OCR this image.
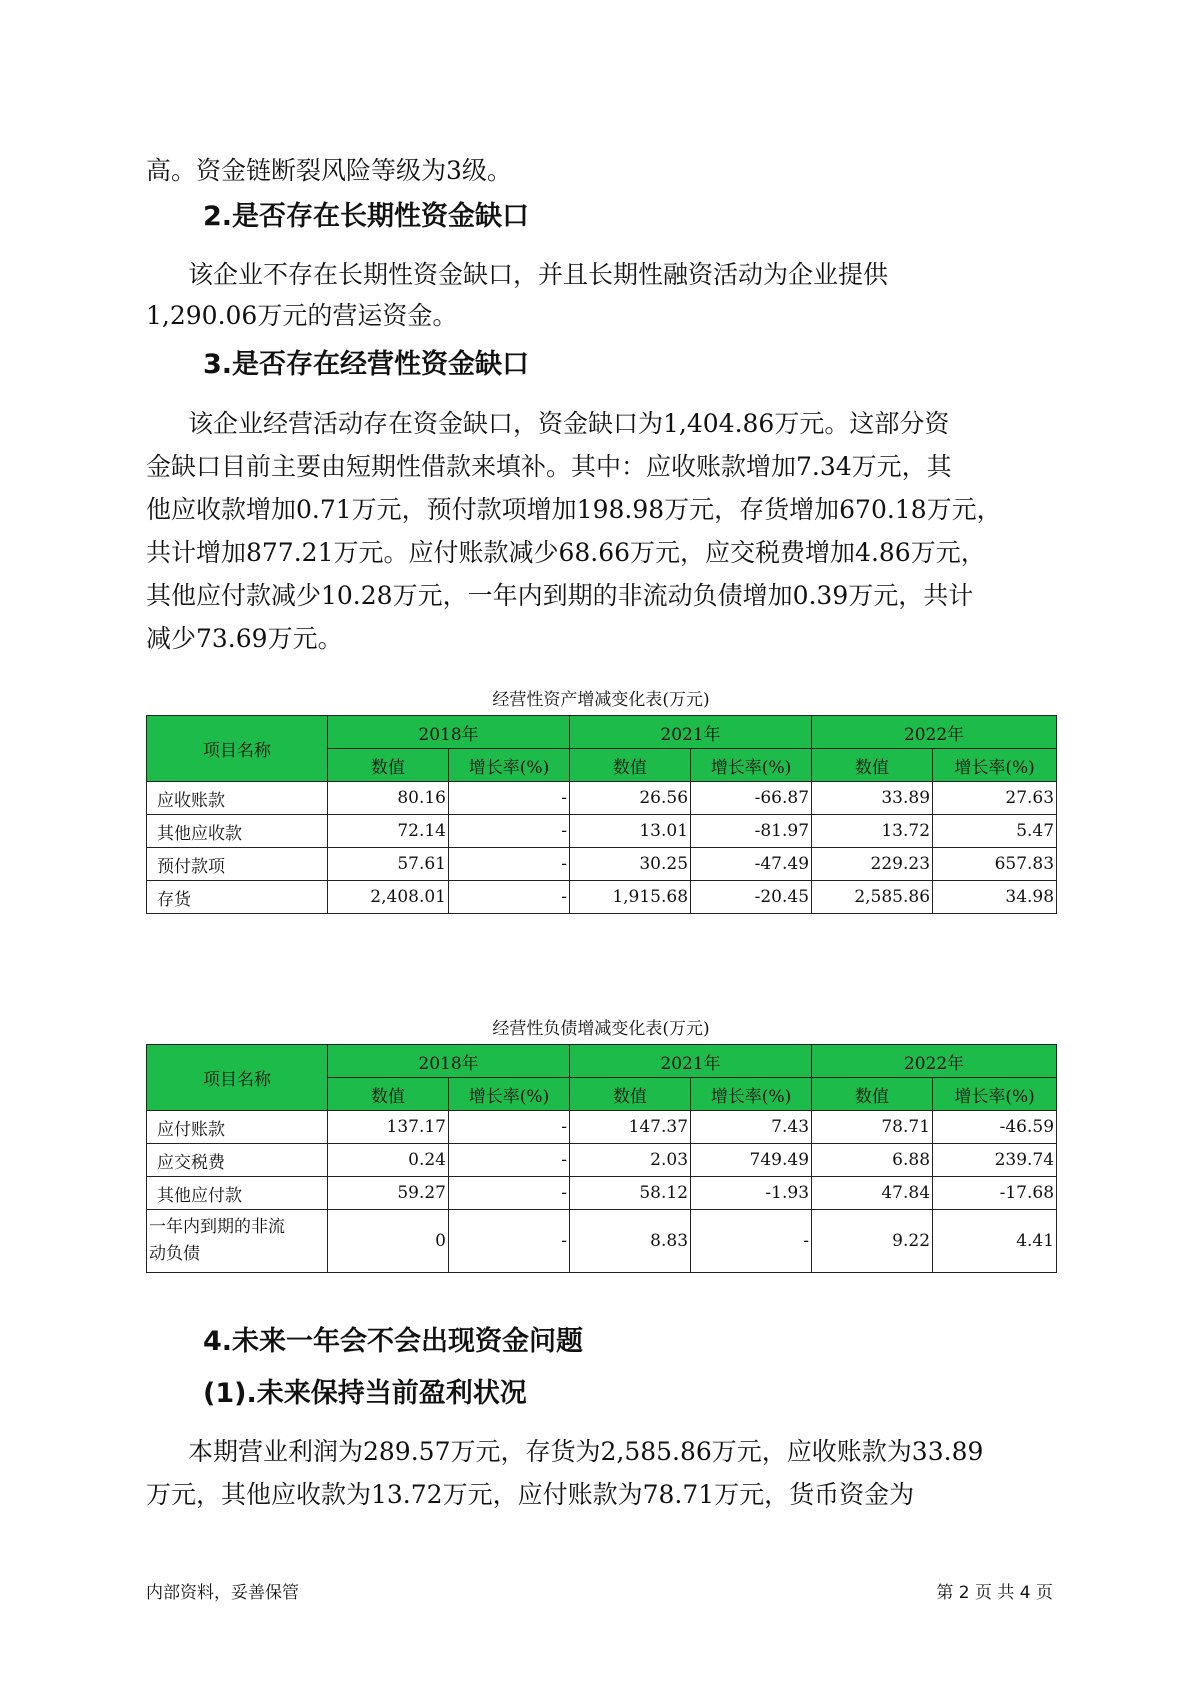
高。资金链断裂风险等级为3级。

2.是否存在长期性资金缺口

该企业不存在长期性资金缺口，并且长期性融资活动为企业提供

1,290.06万元的营运资金。

3.是否存在经营性资金缺口

该企业经营活动存在资金缺口，资金缺口为1,404.86万元。这部分资

金缺口目前主要由短期性借款来填补。其中：应收账款增加7.34万元，其

他应收款增加0.71万元，预付款项增加198.98万元，存货增加670.18万元，

共计增加877.21万元。应付账款减少68.66万元，应交税费增加4.86万元，

其他应付款减少10.28万元，一年内到期的非流动负债增加0.39万元，共计

减少73.69万元。

经营性资产增减变化表(万元)

项目名称	2018年		2021年		2022年	
	数值	增长率(%)	数值	增长率(%)	数值	增长率(%)
应收账款	80.16	-	26.56	-66.87	33.89	27.63
其他应收款	72.14	-	13.01	-81.97	13.72	5.47
预付款项	57.61	-	30.25	-47.49	229.23	657.83
存货	2,408.01	-	1,915.68	-20.45	2,585.86	34.98

经营性负债增减变化表(万元)

项目名称	2018年		2021年		2022年	
	数值	增长率(%)	数值	增长率(%)	数值	增长率(%)
应付账款	137.17	-	147.37	7.43	78.71	-46.59
应交税费	0.24	-	2.03	749.49	6.88	239.74
其他应付款	59.27	-	58.12	-1.93	47.84	-17.68
一年内到期的非流
动负债	0	-	8.83	-	9.22	4.41
4.未来一年会不会出现资金问题
(1).未来保持当前盈利状况

本期营业利润为289.57万元，存货为2,585.86万元，应收账款为33.89

万元，其他应收款为13.72万元，应付账款为78.71万元，货币资金为

内部资料，妥善保管	第 2 页 共 4 页
